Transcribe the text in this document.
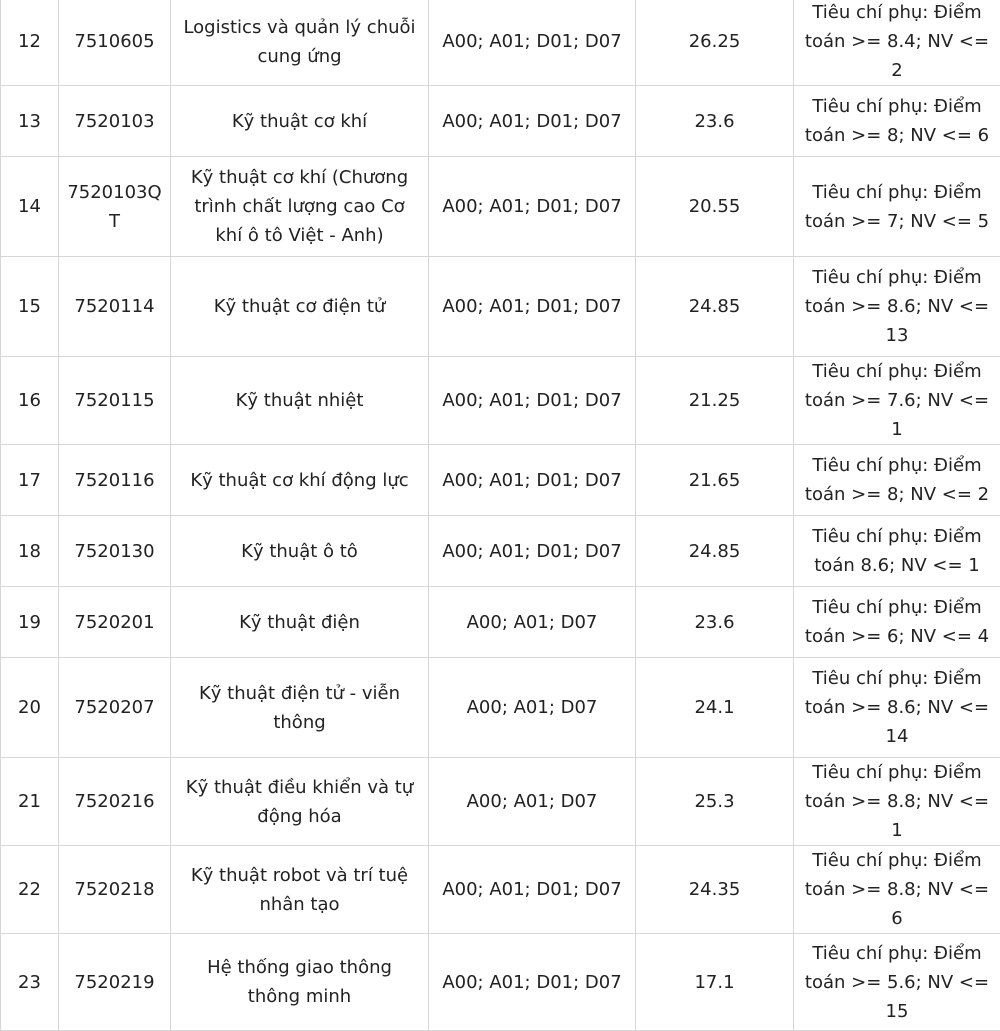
12	7510605	Logistics và quản lý chuỗi cung ứng	A00; A01; D01; D07	26.25	Tiêu chí phụ: Điểm toán >= 8.4; NV <= 2
13	7520103	Kỹ thuật cơ khí	A00; A01; D01; D07	23.6	Tiêu chí phụ: Điểm toán >= 8; NV <= 6
14	7520103QT	Kỹ thuật cơ khí (Chương trình chất lượng cao Cơ khí ô tô Việt - Anh)	A00; A01; D01; D07	20.55	Tiêu chí phụ: Điểm toán >= 7; NV <= 5
15	7520114	Kỹ thuật cơ điện tử	A00; A01; D01; D07	24.85	Tiêu chí phụ: Điểm toán >= 8.6; NV <= 13
16	7520115	Kỹ thuật nhiệt	A00; A01; D01; D07	21.25	Tiêu chí phụ: Điểm toán >= 7.6; NV <= 1
17	7520116	Kỹ thuật cơ khí động lực	A00; A01; D01; D07	21.65	Tiêu chí phụ: Điểm toán >= 8; NV <= 2
18	7520130	Kỹ thuật ô tô	A00; A01; D01; D07	24.85	Tiêu chí phụ: Điểm toán 8.6; NV <= 1
19	7520201	Kỹ thuật điện	A00; A01; D07	23.6	Tiêu chí phụ: Điểm toán >= 6; NV <= 4
20	7520207	Kỹ thuật điện tử - viễn thông	A00; A01; D07	24.1	Tiêu chí phụ: Điểm toán >= 8.6; NV <= 14
21	7520216	Kỹ thuật điều khiển và tự động hóa	A00; A01; D07	25.3	Tiêu chí phụ: Điểm toán >= 8.8; NV <= 1
22	7520218	Kỹ thuật robot và trí tuệ nhân tạo	A00; A01; D01; D07	24.35	Tiêu chí phụ: Điểm toán >= 8.8; NV <= 6
23	7520219	Hệ thống giao thông thông minh	A00; A01; D01; D07	17.1	Tiêu chí phụ: Điểm toán >= 5.6; NV <= 15
